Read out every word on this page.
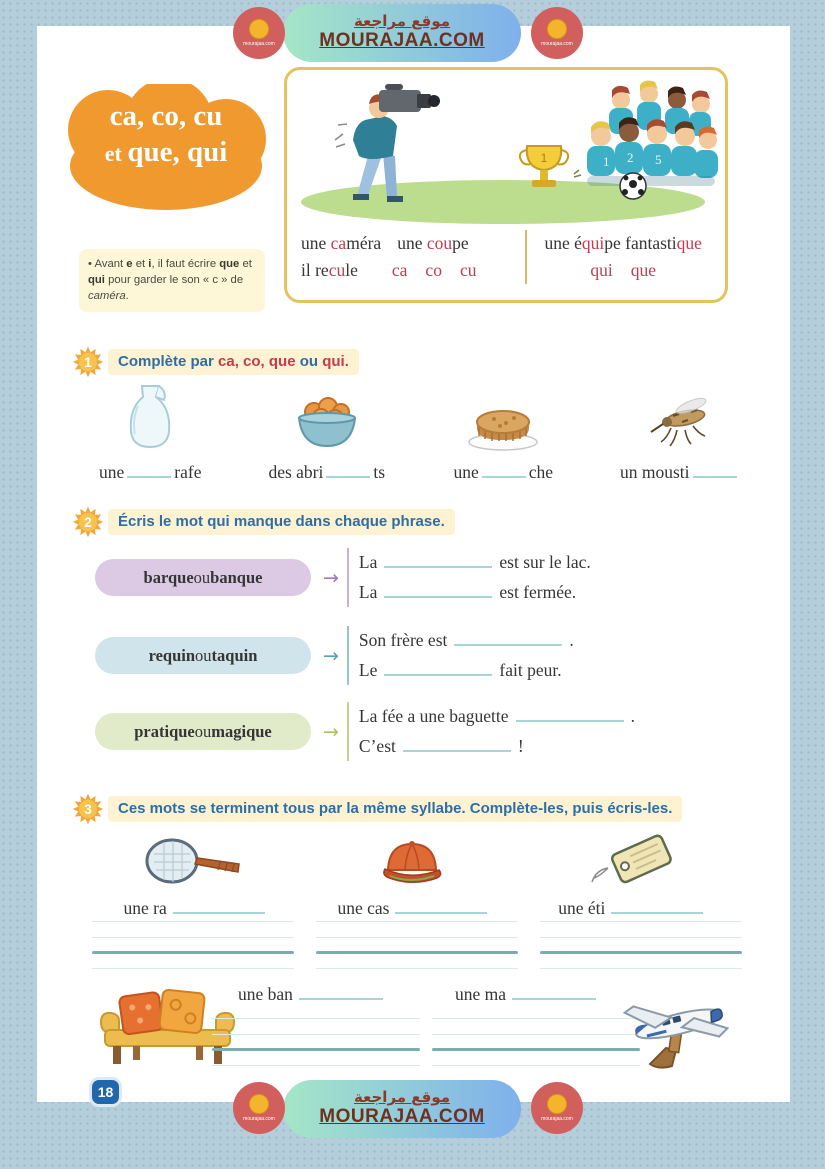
mourajaa.com	mourajaa.com
موقع مراجعة
MOURAJAA.COM
ca, co, cu
et que, qui
• Avant e et i, il faut écrire que et qui pour garder le son « c » de caméra.
1	1 2 5
une caméra une coupe
il recule ca co cu
une équipe fantastique
qui que
1	Complète par ca, co, que ou qui.
une	rafe	des abri	ts	une	che	un mousti
2	Écris le mot qui manque dans chaque phrase.
barque ou banque	→
La	est sur le lac.
La	est fermée.
requin ou taquin	→
Son frère est	.
Le	fait peur.
pratique ou magique	→
La fée a une baguette	.
C’est	!
3	Ces mots se terminent tous par la même syllabe. Complète-les, puis écris-les.
une ra	une cas	une éti
une ban	une ma
18
mourajaa.com	mourajaa.com
موقع مراجعة
MOURAJAA.COM
